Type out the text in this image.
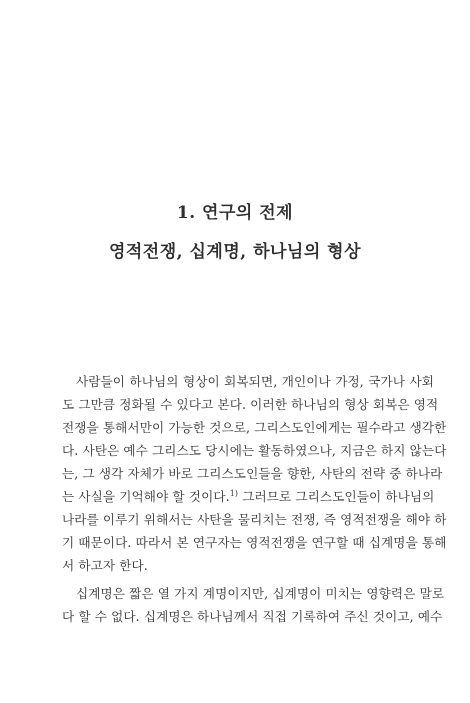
1. 연구의 전제
영적전쟁, 십계명, 하나님의 형상
사람들이 하나님의 형상이 회복되면, 개인이나 가정, 국가나 사회
도 그만큼 정화될 수 있다고 본다. 이러한 하나님의 형상 회복은 영적
전쟁을 통해서만이 가능한 것으로, 그리스도인에게는 필수라고 생각한
다. 사탄은 예수 그리스도 당시에는 활동하였으나, 지금은 하지 않는다
는, 그 생각 자체가 바로 그리스도인들을 향한, 사탄의 전략 중 하나라
는 사실을 기억해야 할 것이다.$^{1)}$ 그러므로 그리스도인들이 하나님의
나라를 이루기 위해서는 사탄을 물리치는 전쟁, 즉 영적전쟁을 해야 하
기 때문이다. 따라서 본 연구자는 영적전쟁을 연구할 때 십계명을 통해
서 하고자 한다.
십계명은 짧은 열 가지 계명이지만, 십계명이 미치는 영향력은 말로
다 할 수 없다. 십계명은 하나님께서 직접 기록하여 주신 것이고, 예수
